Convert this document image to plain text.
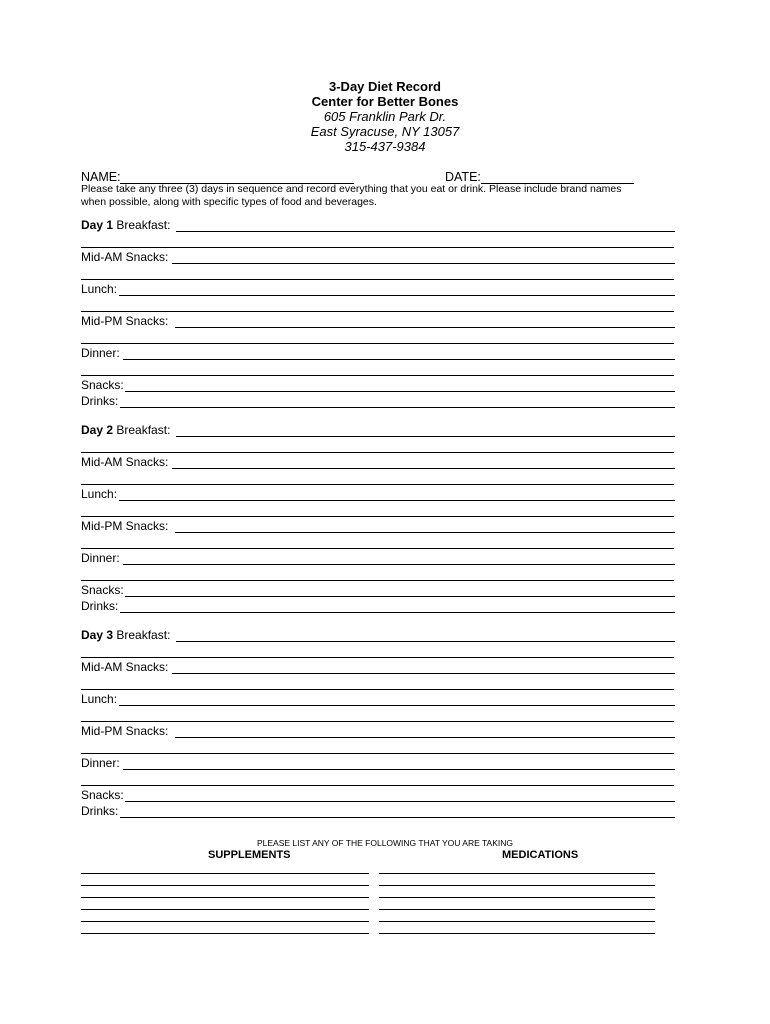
3-Day Diet Record
Center for Better Bones
605 Franklin Park Dr.
East Syracuse, NY 13057
315-437-9384
NAME:	DATE:
Please take any three (3) days in sequence and record everything that you eat or drink. Please include brand names
when possible, along with specific types of food and beverages.
Day 1 Breakfast:
Mid-AM Snacks:
Lunch:
Mid-PM Snacks:
Dinner:
Snacks:
Drinks:
Day 2 Breakfast:
Mid-AM Snacks:
Lunch:
Mid-PM Snacks:
Dinner:
Snacks:
Drinks:
Day 3 Breakfast:
Mid-AM Snacks:
Lunch:
Mid-PM Snacks:
Dinner:
Snacks:
Drinks:
PLEASE LIST ANY OF THE FOLLOWING THAT YOU ARE TAKING
SUPPLEMENTS	MEDICATIONS
